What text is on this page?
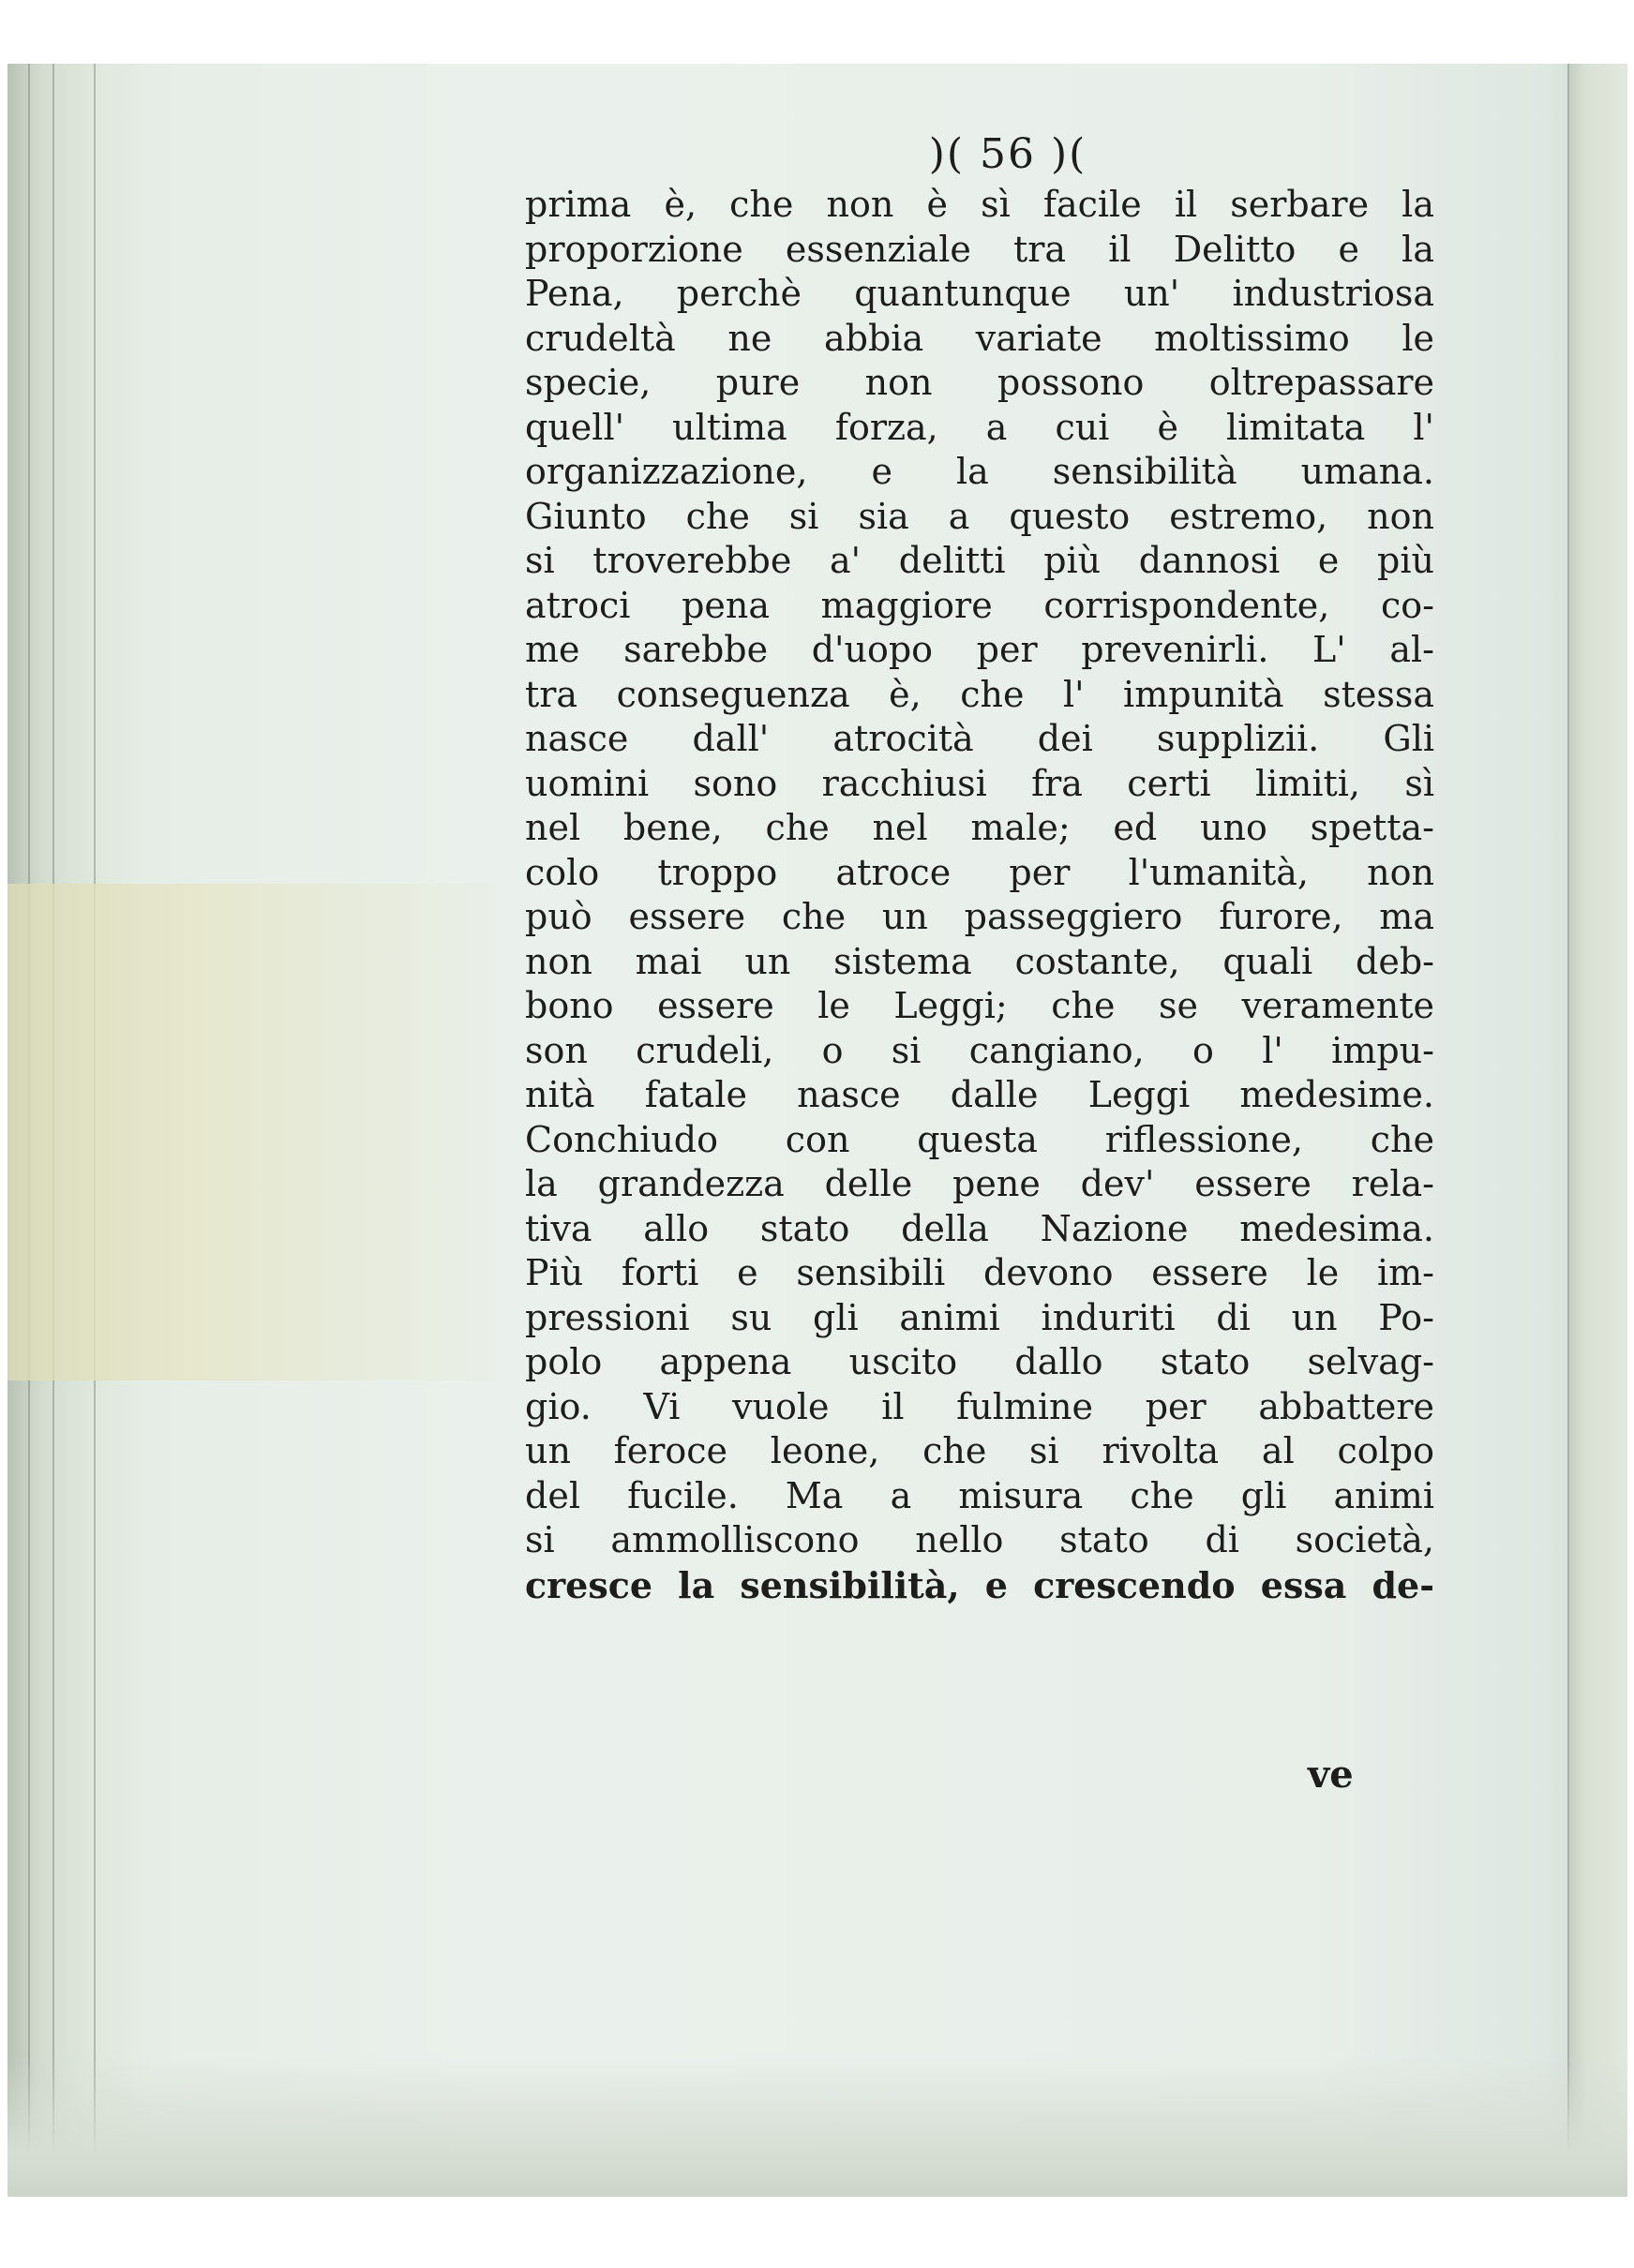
)( 56 )(
prima è, che non è sì facile il serbare la
proporzione essenziale tra il Delitto e la
Pena, perchè quantunque un' industriosa
crudeltà ne abbia variate moltissimo le
specie, pure non possono oltrepassare
quell' ultima forza, a cui è limitata l'
organizzazione, e la sensibilità umana.
Giunto che si sia a questo estremo, non
si troverebbe a' delitti più dannosi e più
atroci pena maggiore corrispondente, co-
me sarebbe d'uopo per prevenirli. L' al-
tra conseguenza è, che l' impunità stessa
nasce dall' atrocità dei supplizii. Gli
uomini sono racchiusi fra certi limiti, sì
nel bene, che nel male; ed uno spetta-
colo troppo atroce per l'umanità, non
può essere che un passeggiero furore, ma
non mai un sistema costante, quali deb-
bono essere le Leggi; che se veramente
son crudeli, o si cangiano, o l' impu-
nità fatale nasce dalle Leggi medesime.
Conchiudo con questa riflessione, che
la grandezza delle pene dev' essere rela-
tiva allo stato della Nazione medesima.
Più forti e sensibili devono essere le im-
pressioni su gli animi induriti di un Po-
polo appena uscito dallo stato selvag-
gio. Vi vuole il fulmine per abbattere
un feroce leone, che si rivolta al colpo
del fucile. Ma a misura che gli animi
si ammolliscono nello stato di società,
cresce la sensibilità, e crescendo essa de-
ve
